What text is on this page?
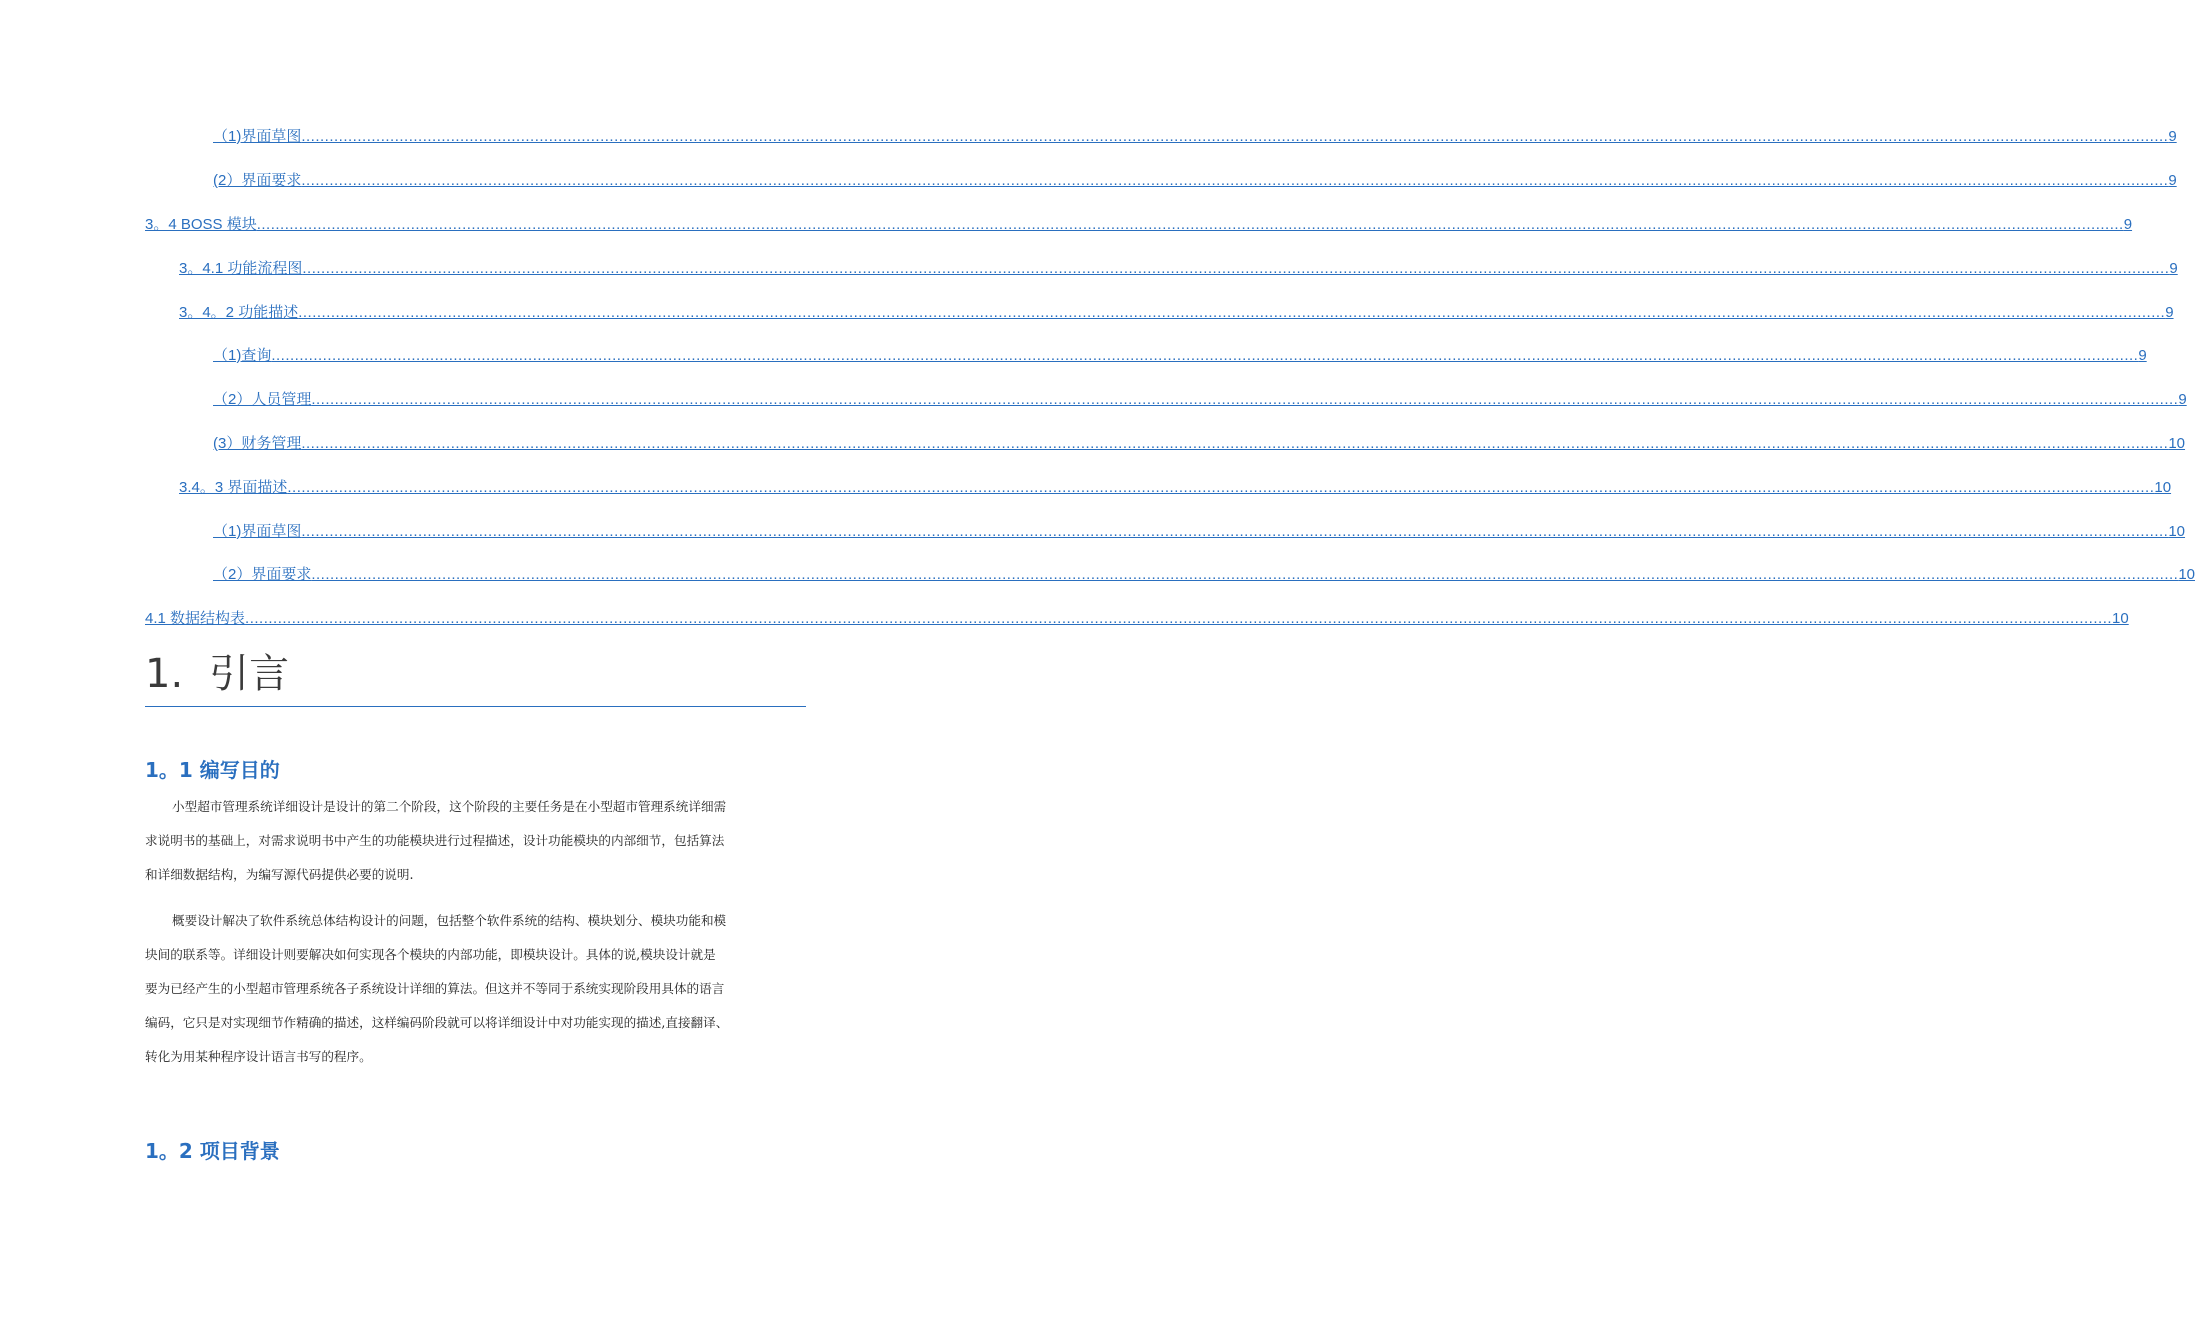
（1)界面草图 ................................................................................................................................................................................................................................................................................................................................................................................................................ 9
(2）界面要求 ................................................................................................................................................................................................................................................................................................................................................................................................................ 9
3。4 BOSS 模块 ................................................................................................................................................................................................................................................................................................................................................................................................................ 9
3。4.1 功能流程图 ................................................................................................................................................................................................................................................................................................................................................................................................................ 9
3。4。2 功能描述 ................................................................................................................................................................................................................................................................................................................................................................................................................ 9
（1)查询 ................................................................................................................................................................................................................................................................................................................................................................................................................ 9
（2）人员管理 ................................................................................................................................................................................................................................................................................................................................................................................................................ 9
(3）财务管理 ................................................................................................................................................................................................................................................................................................................................................................................................................ 10
3.4。3 界面描述 ................................................................................................................................................................................................................................................................................................................................................................................................................ 10
（1)界面草图 ................................................................................................................................................................................................................................................................................................................................................................................................................ 10
（2）界面要求 ................................................................................................................................................................................................................................................................................................................................................................................................................ 10
4.1 数据结构表 ................................................................................................................................................................................................................................................................................................................................................................................................................ 10
1. 引言
1。1 编写目的
小型超市管理系统详细设计是设计的第二个阶段，这个阶段的主要任务是在小型超市管理系统详细需
求说明书的基础上，对需求说明书中产生的功能模块进行过程描述，设计功能模块的内部细节，包括算法
和详细数据结构，为编写源代码提供必要的说明.
概要设计解决了软件系统总体结构设计的问题，包括整个软件系统的结构、模块划分、模块功能和模
块间的联系等。详细设计则要解决如何实现各个模块的内部功能，即模块设计。具体的说,模块设计就是
要为已经产生的小型超市管理系统各子系统设计详细的算法。但这并不等同于系统实现阶段用具体的语言
编码，它只是对实现细节作精确的描述，这样编码阶段就可以将详细设计中对功能实现的描述,直接翻译、
转化为用某种程序设计语言书写的程序。
1。2 项目背景
